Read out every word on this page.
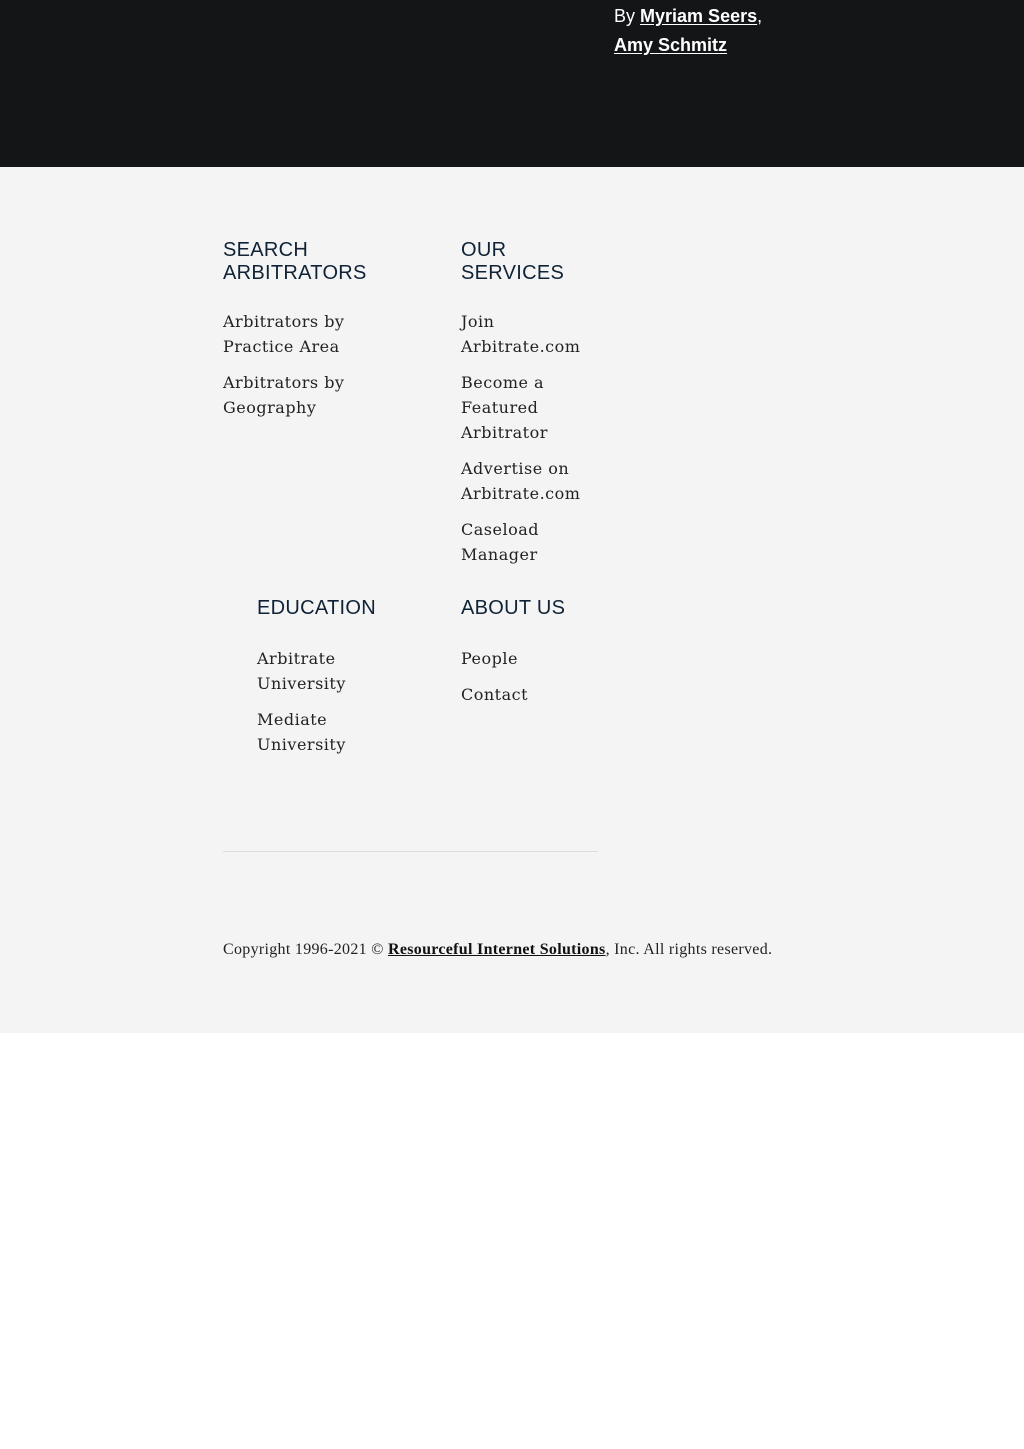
By Myriam Seers,
Amy Schmitz
SEARCH ARBITRATORS
Arbitrators by Practice Area
Arbitrators by Geography
OUR SERVICES
Join Arbitrate.com
Become a Featured Arbitrator
Advertise on Arbitrate.com
Caseload Manager
EDUCATION
Arbitrate University
Mediate University
ABOUT US
People
Contact
Copyright 1996-2021 © Resourceful Internet Solutions, Inc. All rights reserved.
